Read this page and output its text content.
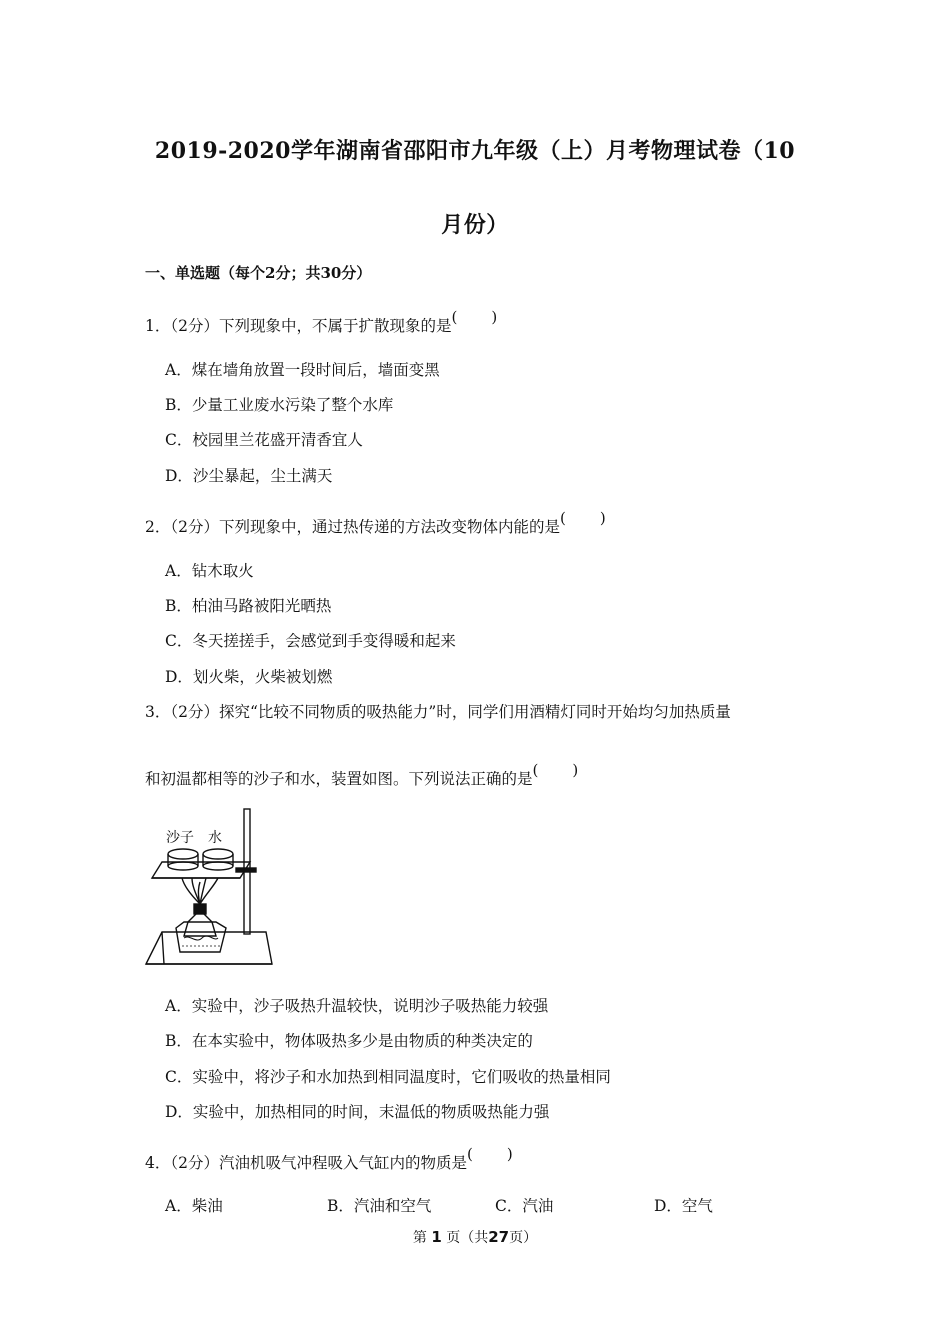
2019-2020学年湖南省邵阳市九年级（上）月考物理试卷（10
月份）
一、单选题（每个2分；共30分）
1．（2分）下列现象中，不属于扩散现象的是( )
A．煤在墙角放置一段时间后，墙面变黑
B．少量工业废水污染了整个水库
C．校园里兰花盛开清香宜人
D．沙尘暴起，尘土满天
2．（2分）下列现象中，通过热传递的方法改变物体内能的是( )
A．钻木取火
B．柏油马路被阳光晒热
C．冬天搓搓手，会感觉到手变得暖和起来
D．划火柴，火柴被划燃
3．（2分）探究“比较不同物质的吸热能力”时，同学们用酒精灯同时开始均匀加热质量
和初温都相等的沙子和水，装置如图。下列说法正确的是( )
沙子 水
A．实验中，沙子吸热升温较快，说明沙子吸热能力较强
B．在本实验中，物体吸热多少是由物质的种类决定的
C．实验中，将沙子和水加热到相同温度时，它们吸收的热量相同
D．实验中，加热相同的时间，末温低的物质吸热能力强
4．（2分）汽油机吸气冲程吸入气缸内的物质是( )
A．柴油	B．汽油和空气	C．汽油	D．空气
第 1 页（共27页）
